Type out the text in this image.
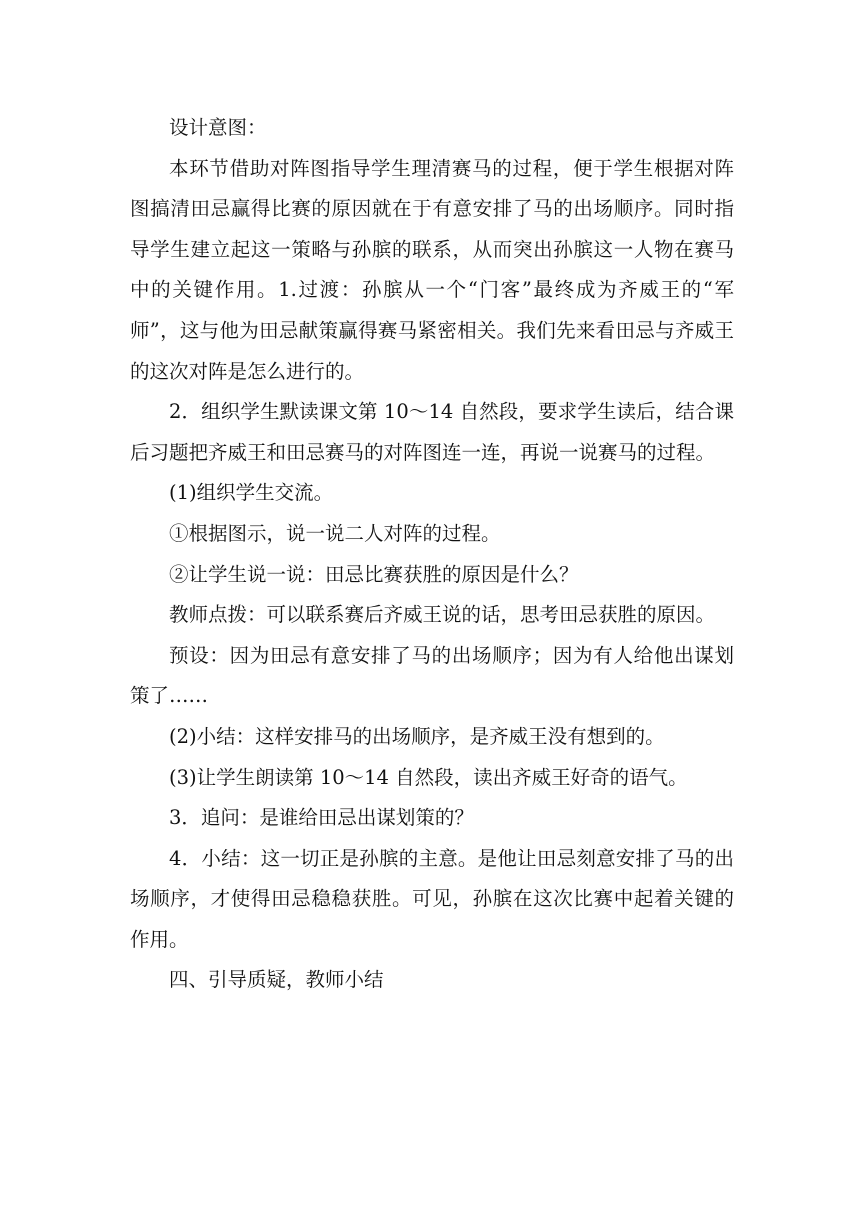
设计意图：

本环节借助对阵图指导学生理清赛马的过程，便于学生根据对阵图搞清田忌赢得比赛的原因就在于有意安排了马的出场顺序。同时指导学生建立起这一策略与孙膑的联系，从而突出孙膑这一人物在赛马中的关键作用。1.过渡：孙膑从一个“门客”最终成为齐威王的“军师”，这与他为田忌献策赢得赛马紧密相关。我们先来看田忌与齐威王的这次对阵是怎么进行的。

2．组织学生默读课文第 10～14 自然段，要求学生读后，结合课后习题把齐威王和田忌赛马的对阵图连一连，再说一说赛马的过程。

(1)组织学生交流。

①根据图示，说一说二人对阵的过程。

②让学生说一说：田忌比赛获胜的原因是什么？

教师点拨：可以联系赛后齐威王说的话，思考田忌获胜的原因。

预设：因为田忌有意安排了马的出场顺序；因为有人给他出谋划策了……

(2)小结：这样安排马的出场顺序，是齐威王没有想到的。

(3)让学生朗读第 10～14 自然段，读出齐威王好奇的语气。

3．追问：是谁给田忌出谋划策的？

4．小结：这一切正是孙膑的主意。是他让田忌刻意安排了马的出场顺序，才使得田忌稳稳获胜。可见，孙膑在这次比赛中起着关键的作用。

四、引导质疑，教师小结
